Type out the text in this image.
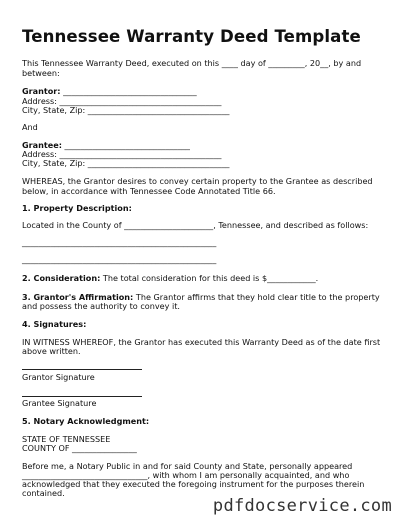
Tennessee Warranty Deed Template
This Tennessee Warranty Deed, executed on this ____ day of _________, 20__, by and
between:
Grantor: _________________________________
Address: ________________________________________
City, State, Zip: ___________________________________
And
Grantee: _______________________________
Address: ________________________________________
City, State, Zip: ___________________________________
WHEREAS, the Grantor desires to convey certain property to the Grantee as described
below, in accordance with Tennessee Code Annotated Title 66.
1. Property Description:
Located in the County of ______________________, Tennessee, and described as follows:
________________________________________________
________________________________________________
2. Consideration: The total consideration for this deed is $____________.
3. Grantor's Affirmation: The Grantor affirms that they hold clear title to the property
and possess the authority to convey it.
4. Signatures:
IN WITNESS WHEREOF, the Grantor has executed this Warranty Deed as of the date first
above written.
Grantor Signature
Grantee Signature
5. Notary Acknowledgment:
STATE OF TENNESSEE
COUNTY OF ________________
Before me, a Notary Public in and for said County and State, personally appeared
_______________________________, with whom I am personally acquainted, and who
acknowledged that they executed the foregoing instrument for the purposes therein
contained.
pdfdocservice.com
